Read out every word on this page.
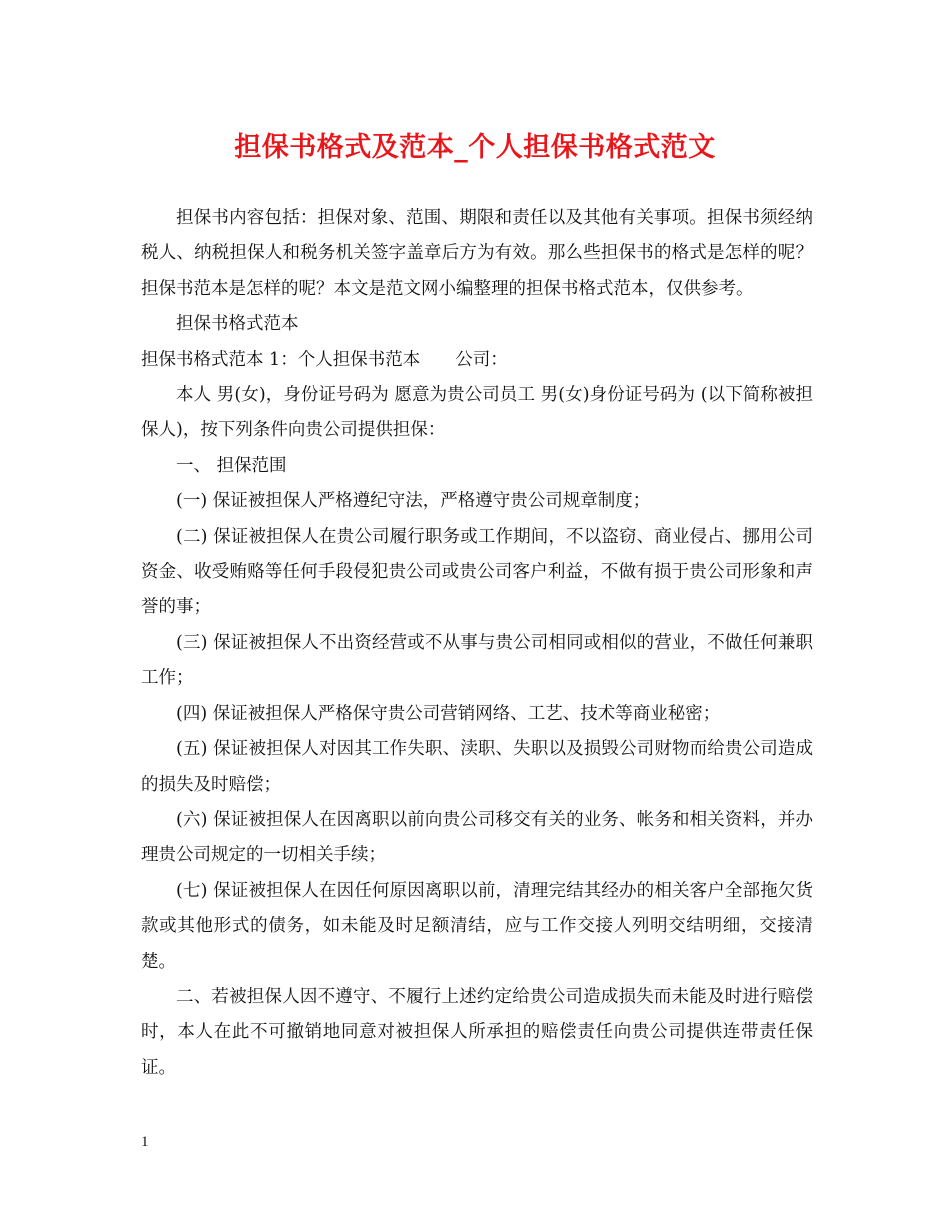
担保书格式及范本_个人担保书格式范文

担保书内容包括：担保对象、范围、期限和责任以及其他有关事项。担保书须经纳税人、纳税担保人和税务机关签字盖章后方为有效。那么些担保书的格式是怎样的呢？担保书范本是怎样的呢？本文是范文网小编整理的担保书格式范本，仅供参考。

担保书格式范本

担保书格式范本 1：个人担保书范本　　公司：

本人 男(女)，身份证号码为 愿意为贵公司员工 男(女)身份证号码为 (以下简称被担保人)，按下列条件向贵公司提供担保：

一、 担保范围

(一) 保证被担保人严格遵纪守法，严格遵守贵公司规章制度；

(二) 保证被担保人在贵公司履行职务或工作期间，不以盗窃、商业侵占、挪用公司资金、收受贿赂等任何手段侵犯贵公司或贵公司客户利益，不做有损于贵公司形象和声誉的事；

(三) 保证被担保人不出资经营或不从事与贵公司相同或相似的营业，不做任何兼职工作；

(四) 保证被担保人严格保守贵公司营销网络、工艺、技术等商业秘密；

(五) 保证被担保人对因其工作失职、渎职、失职以及损毁公司财物而给贵公司造成的损失及时赔偿；

(六) 保证被担保人在因离职以前向贵公司移交有关的业务、帐务和相关资料，并办理贵公司规定的一切相关手续；

(七) 保证被担保人在因任何原因离职以前，清理完结其经办的相关客户全部拖欠货款或其他形式的债务，如未能及时足额清结，应与工作交接人列明交结明细，交接清楚。

二、若被担保人因不遵守、不履行上述约定给贵公司造成损失而未能及时进行赔偿时，本人在此不可撤销地同意对被担保人所承担的赔偿责任向贵公司提供连带责任保证。

1
